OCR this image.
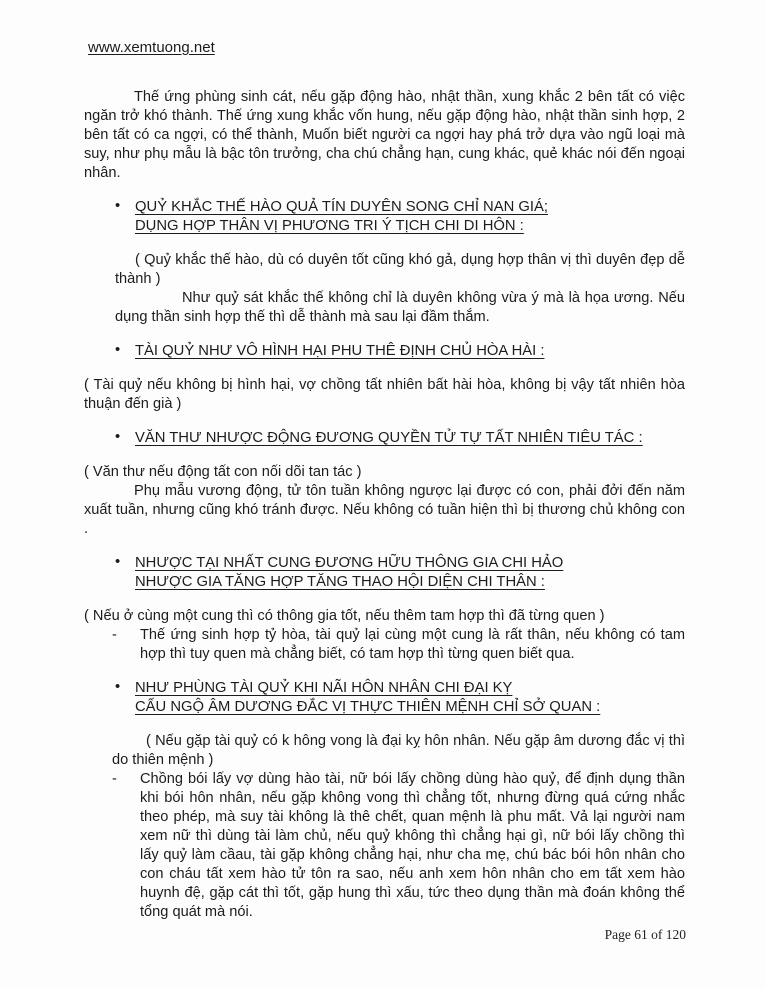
www.xemtuong.net

Thế ứng phùng sinh cát, nếu gặp động hào, nhật thần, xung khắc 2 bên tất có việc ngăn trở khó thành. Thế ứng xung khắc vốn hung, nếu gặp động hào, nhật thần sinh hợp, 2 bên tất có ca ngợi, có thể thành, Muốn biết người ca ngợi hay phá trở dựa vào ngũ loại mà suy, như phụ mẫu là bậc tôn trưởng, cha chú chẳng hạn, cung khác, quẻ khác nói đến ngoại nhân.

• QUỶ KHẮC THẾ HÀO QUẢ TÍN DUYÊN SONG CHỈ NAN GIÁ;
DỤNG HỢP THÂN VỊ PHƯƠNG TRI Ý TỊCH CHI DI HÔN :

( Quỷ khắc thế hào, dù có duyên tốt cũng khó gả, dụng hợp thân vị thì duyên đẹp dễ thành )

Như quỷ sát khắc thế không chỉ là duyên không vừa ý mà là họa ương. Nếu dụng thần sinh hợp thế thì dễ thành mà sau lại đầm thắm.

• TÀI QUỶ NHƯ VÔ HÌNH HẠI PHU THÊ ĐỊNH CHỦ HÒA HÀI :

( Tài quỷ nếu không bị hình hại, vợ chồng tất nhiên bất hài hòa, không bị vậy tất nhiên hòa thuận đến già )

• VĂN THƯ NHƯỢC ĐỘNG ĐƯƠNG QUYỀN TỬ TỰ TẤT NHIÊN TIÊU TÁC :

( Văn thư nếu động tất con nối dõi tan tác )

Phụ mẫu vương động, tử tôn tuần không ngược lại được có con, phải đởi đến năm xuất tuần, nhưng cũng khó tránh được. Nếu không có tuần hiện thì bị thương chủ không con .

• NHƯỢC TẠI NHẤT CUNG ĐƯƠNG HỮU THÔNG GIA CHI HẢO
NHƯỢC GIA TĂNG HỢP TĂNG THAO HỘI DIỆN CHI THÂN :

( Nếu ở cùng một cung thì có thông gia tốt, nếu thêm tam hợp thì đã từng quen )

-	Thế ứng sinh hợp tỷ hòa, tài quỷ lại cùng một cung là rất thân, nếu không có tam hợp thì tuy quen mà chẳng biết, có tam hợp thì từng quen biết qua.

• NHƯ PHÙNG TÀI QUỶ KHI NÃI HÔN NHÂN CHI ĐẠI KỴ
CẤU NGỘ ÂM DƯƠNG ĐẮC VỊ THỰC THIÊN MỆNH CHỈ SỞ QUAN :

( Nếu gặp tài quỷ có k hông vong là đại kỵ hôn nhân. Nếu gặp âm dương đắc vị thì do thiên mệnh )

-	Chồng bói lấy vợ dùng hào tài, nữ bói lấy chồng dùng hào quỷ, để định dụng thần khi bói hôn nhân, nếu gặp không vong thì chẳng tốt, nhưng đừng quá cứng nhắc theo phép, mà suy tài không là thê chết, quan mệnh là phu mất. Vả lại người nam xem nữ thì dùng tài làm chủ, nếu quỷ không thì chẳng hại gì, nữ bói lấy chồng thì lấy quỷ làm cầau, tài gặp không chẳng hại, như cha mẹ, chú bác bói hôn nhân cho con cháu tất xem hào tử tôn ra sao, nếu anh xem hôn nhân cho em tất xem hào huynh đệ, gặp cát thì tốt, gặp hung thì xấu, tức theo dụng thần mà đoán không thể tổng quát mà nói.

Page 61 of 120
